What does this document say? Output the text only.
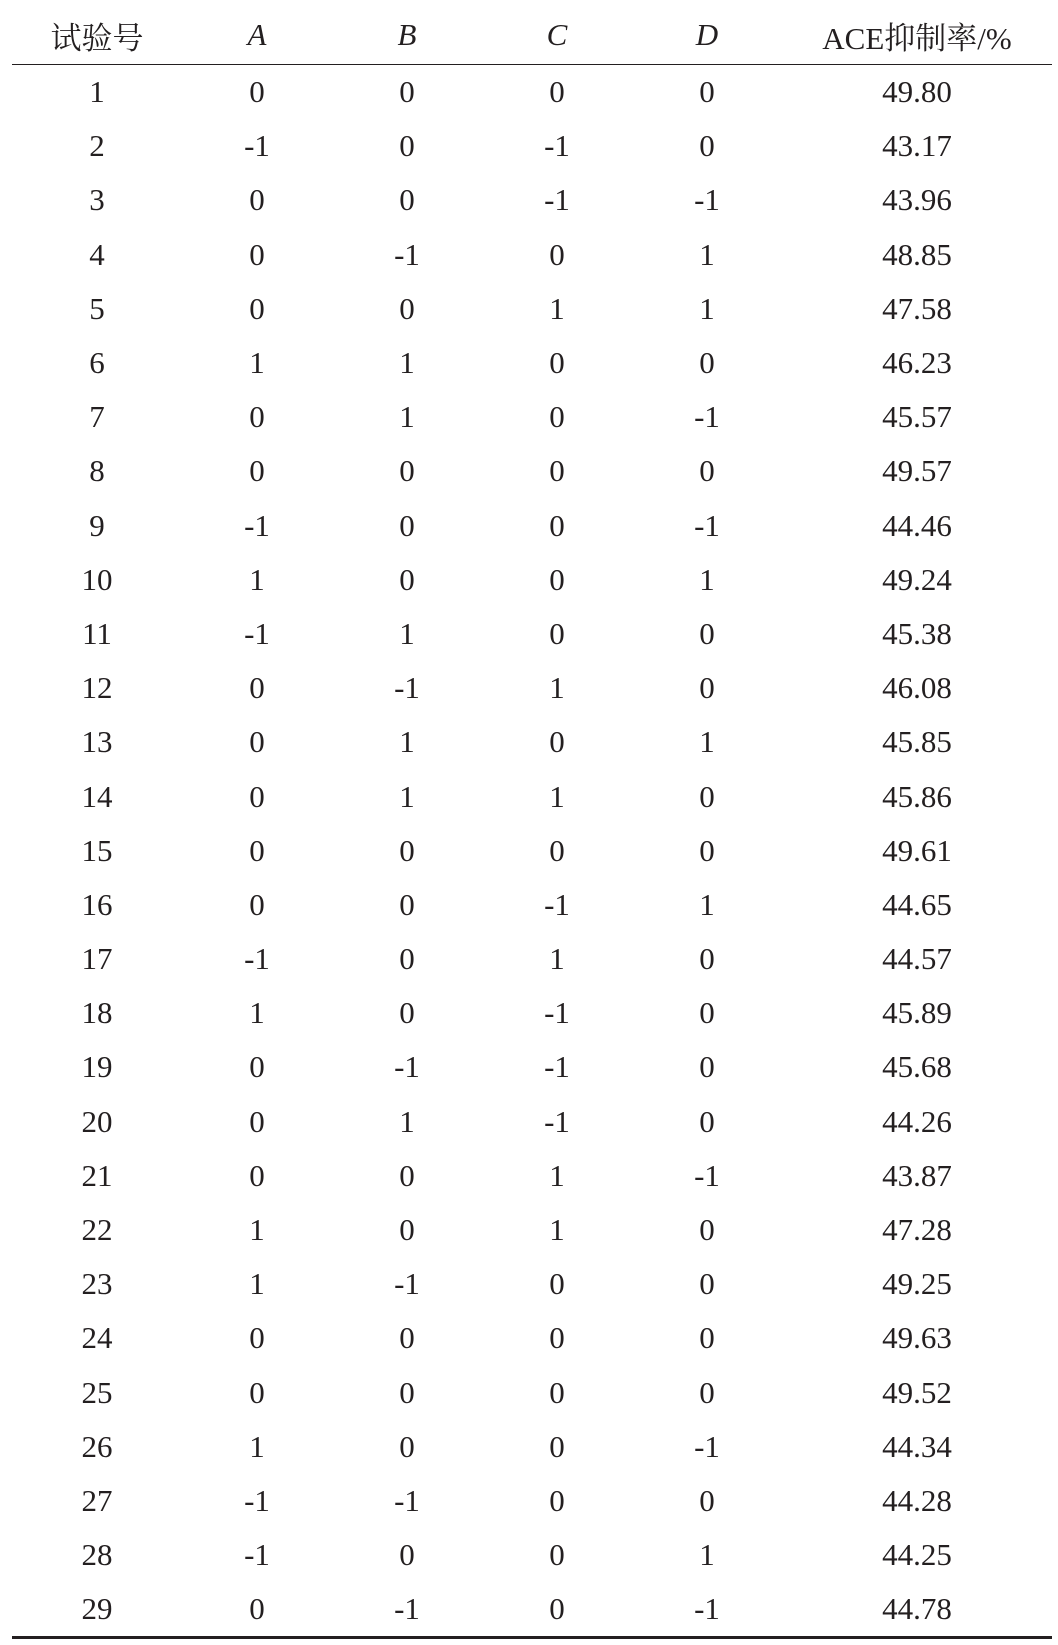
试验号	A	B	C	D	ACE抑制率/%
1	0	0	0	0	49.80
2	-1	0	-1	0	43.17
3	0	0	-1	-1	43.96
4	0	-1	0	1	48.85
5	0	0	1	1	47.58
6	1	1	0	0	46.23
7	0	1	0	-1	45.57
8	0	0	0	0	49.57
9	-1	0	0	-1	44.46
10	1	0	0	1	49.24
11	-1	1	0	0	45.38
12	0	-1	1	0	46.08
13	0	1	0	1	45.85
14	0	1	1	0	45.86
15	0	0	0	0	49.61
16	0	0	-1	1	44.65
17	-1	0	1	0	44.57
18	1	0	-1	0	45.89
19	0	-1	-1	0	45.68
20	0	1	-1	0	44.26
21	0	0	1	-1	43.87
22	1	0	1	0	47.28
23	1	-1	0	0	49.25
24	0	0	0	0	49.63
25	0	0	0	0	49.52
26	1	0	0	-1	44.34
27	-1	-1	0	0	44.28
28	-1	0	0	1	44.25
29	0	-1	0	-1	44.78
